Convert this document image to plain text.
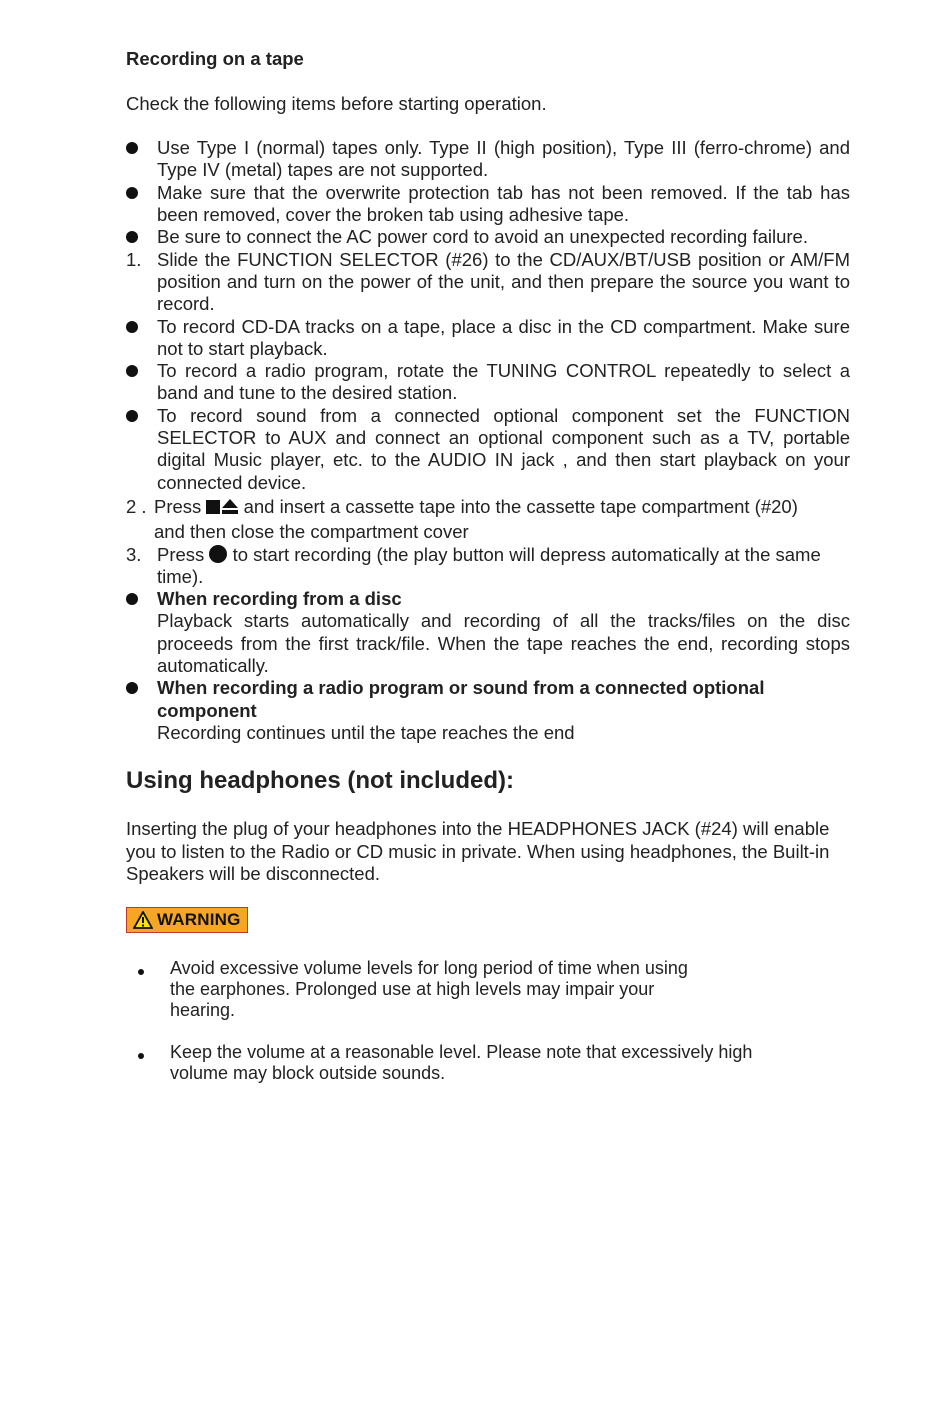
Recording on a tape

Check the following items before starting operation.

Use Type I (normal) tapes only. Type II (high position), Type III (ferro-chrome) and Type IV (metal) tapes are not supported.
Make sure that the overwrite protection tab has not been removed. If the tab has been removed, cover the broken tab using adhesive tape.
Be sure to connect the AC power cord to avoid an unexpected recording failure.
1. Slide the FUNCTION SELECTOR (#26) to the CD/AUX/BT/USB position or AM/FM position and turn on the power of the unit, and then prepare the source you want to record.
To record CD-DA tracks on a tape, place a disc in the CD compartment. Make sure not to start playback.
To record a radio program, rotate the TUNING CONTROL repeatedly to select a band and tune to the desired station.
To record sound from a connected optional component set the FUNCTION SELECTOR to AUX and connect an optional component such as a TV, portable digital Music player, etc. to the AUDIO IN jack , and then start playback on your connected device.
2 . Press and insert a cassette tape into the cassette tape compartment (#20)
and then close the compartment cover
3. Press to start recording (the play button will depress automatically at the same time).
When recording from a disc
Playback starts automatically and recording of all the tracks/files on the disc proceeds from the first track/file. When the tape reaches the end, recording stops automatically.
When recording a radio program or sound from a connected optional component
Recording continues until the tape reaches the end

Using headphones (not included):

Inserting the plug of your headphones into the HEADPHONES JACK (#24) will enable you to listen to the Radio or CD music in private. When using headphones, the Built-in Speakers will be disconnected.

WARNING
Avoid excessive volume levels for long period of time when using
the earphones. Prolonged use at high levels may impair your
hearing.
Keep the volume at a reasonable level. Please note that excessively high volume may block outside sounds.
